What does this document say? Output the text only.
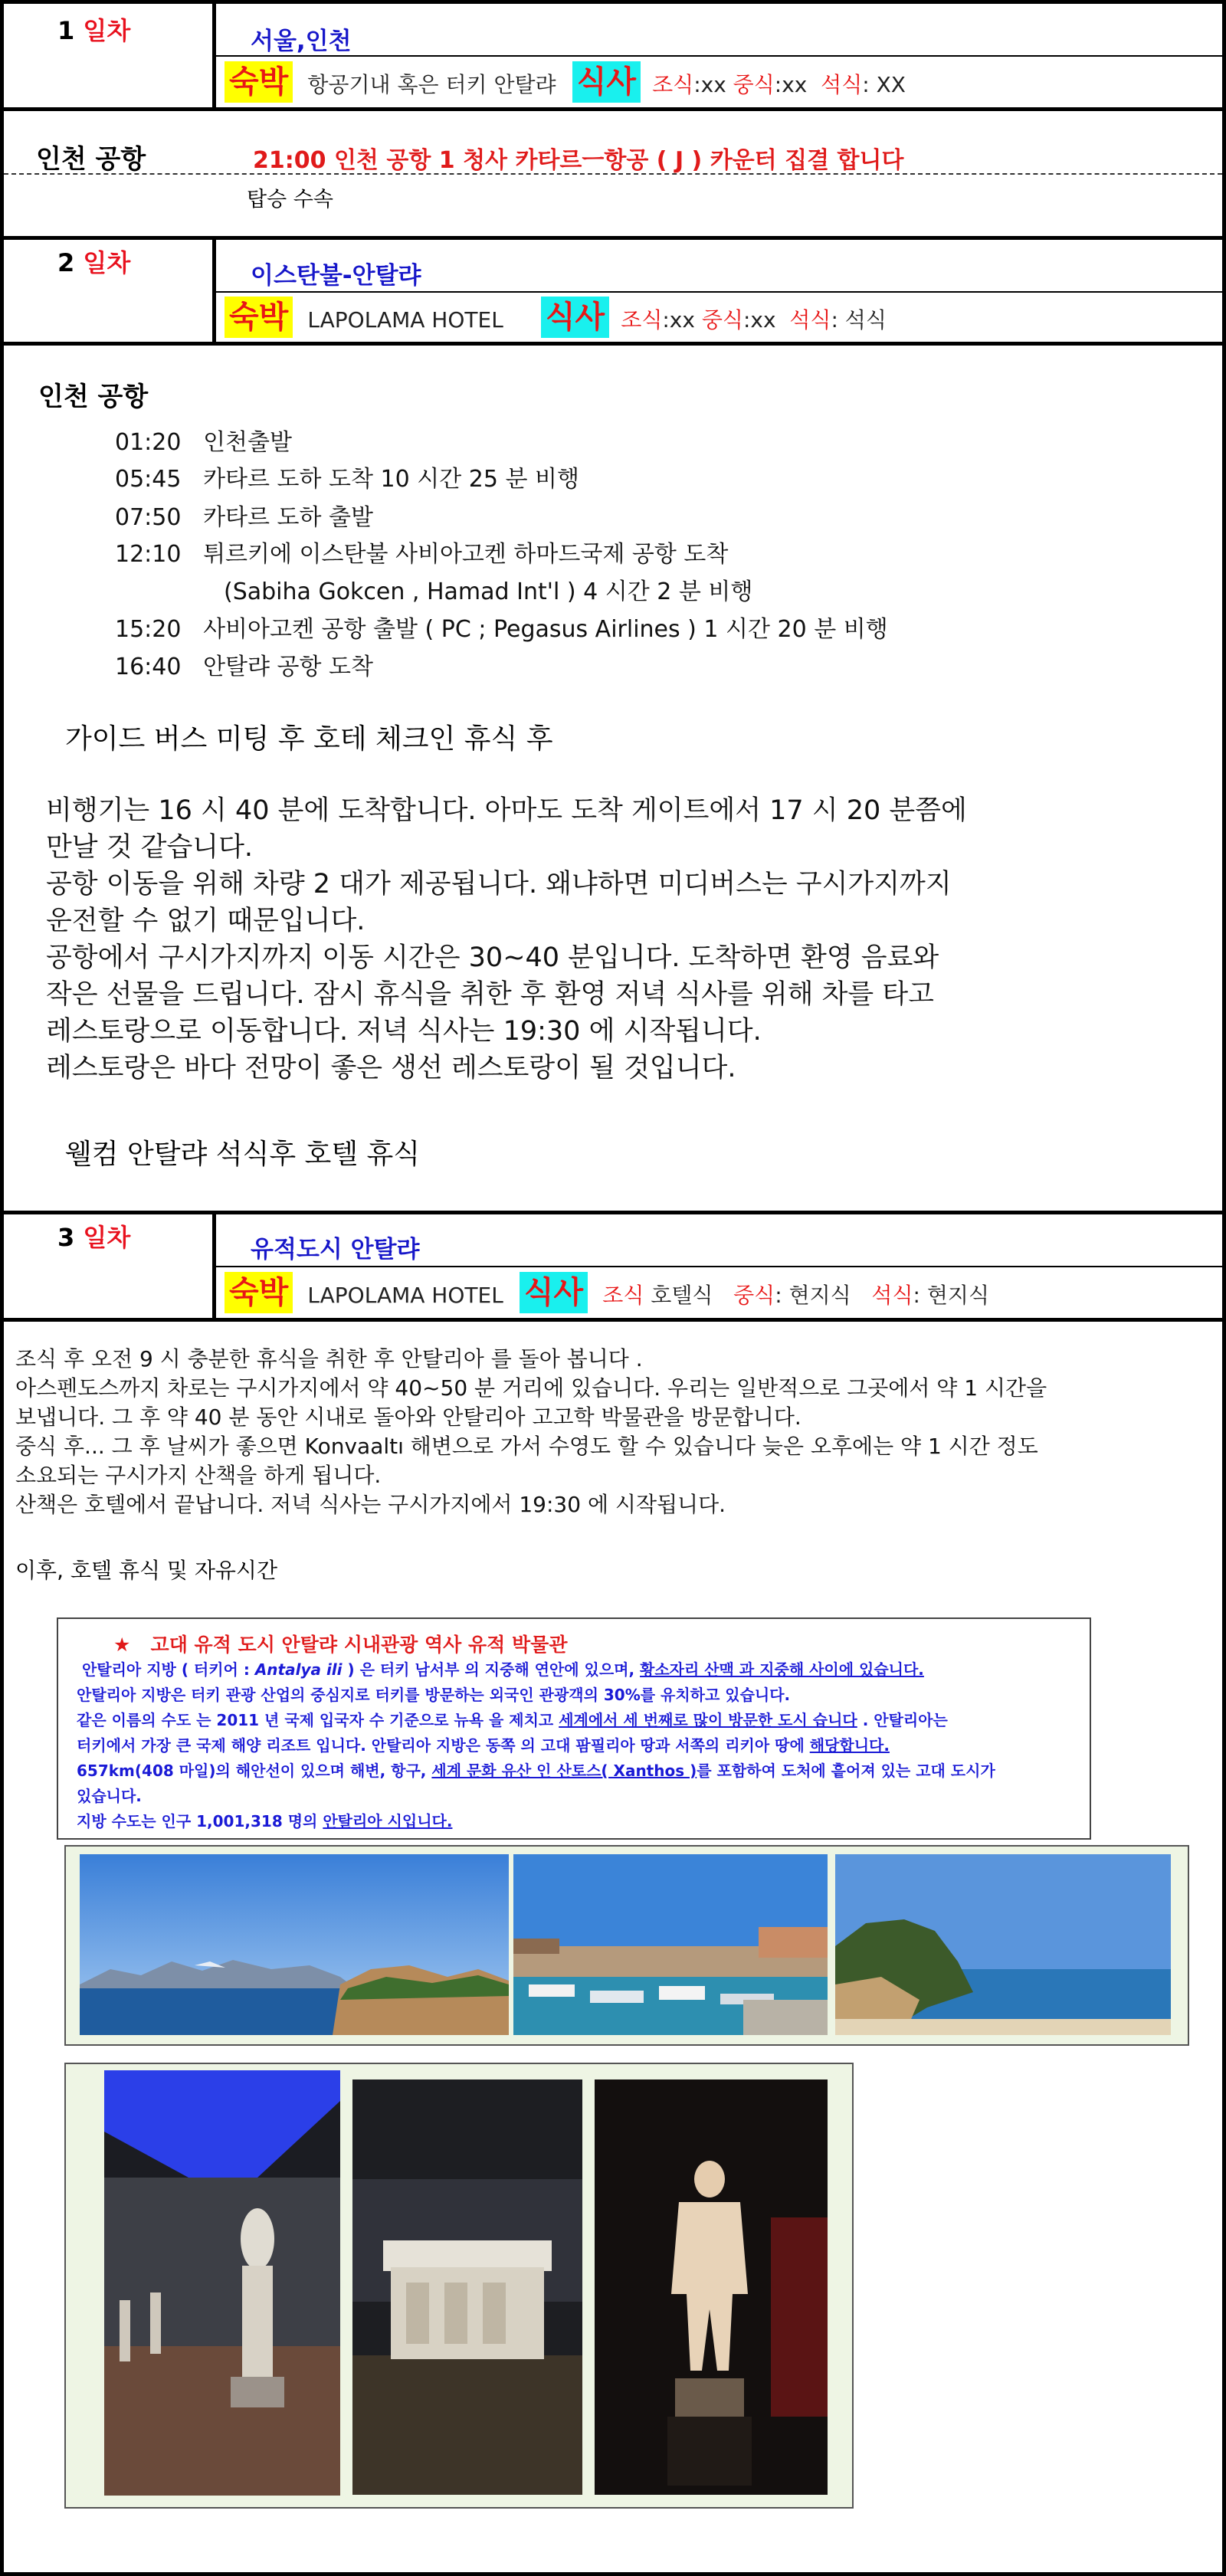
1 일차	서울,인천
숙박 항공기내 혹은 터키 안탈랴 식사 조식:xx 중식:xx 석식: XX
인천 공항	21:00 인천 공항 1 청사 카타르ㅡ항공 ( J ) 카운터 집결 합니다
탑승 수속
2 일차	이스탄불-안탈랴
숙박 LAPOLAMA HOTEL 식사 조식:xx 중식:xx 석식: 석식
인천 공항
01:20 인천출발
05:45 카타르 도하 도착 10 시간 25 분 비행
07:50 카타르 도하 출발
12:10 튀르키에 이스탄불 사비아고켄 하마드국제 공항 도착
(Sabiha Gokcen , Hamad Int'l ) 4 시간 2 분 비행
15:20 사비아고켄 공항 출발 ( PC ; Pegasus Airlines ) 1 시간 20 분 비행
16:40 안탈랴 공항 도착
가이드 버스 미팅 후 호테 체크인 휴식 후
비행기는 16 시 40 분에 도착합니다. 아마도 도착 게이트에서 17 시 20 분쯤에
만날 것 같습니다.
공항 이동을 위해 차량 2 대가 제공됩니다. 왜냐하면 미디버스는 구시가지까지
운전할 수 없기 때문입니다.
공항에서 구시가지까지 이동 시간은 30~40 분입니다. 도착하면 환영 음료와
작은 선물을 드립니다. 잠시 휴식을 취한 후 환영 저녁 식사를 위해 차를 타고
레스토랑으로 이동합니다. 저녁 식사는 19:30 에 시작됩니다.
레스토랑은 바다 전망이 좋은 생선 레스토랑이 될 것입니다.
웰컴 안탈랴 석식후 호텔 휴식
3 일차	유적도시 안탈랴
숙박 LAPOLAMA HOTEL 식사 조식 호텔식 중식: 현지식 석식: 현지식
조식 후 오전 9 시 충분한 휴식을 취한 후 안탈리아 를 돌아 봅니다 .
아스펜도스까지 차로는 구시가지에서 약 40~50 분 거리에 있습니다. 우리는 일반적으로 그곳에서 약 1 시간을
보냅니다. 그 후 약 40 분 동안 시내로 돌아와 안탈리아 고고학 박물관을 방문합니다.
중식 후... 그 후 날씨가 좋으면 Konvaaltı 해변으로 가서 수영도 할 수 있습니다 늦은 오후에는 약 1 시간 정도
소요되는 구시가지 산책을 하게 됩니다.
산책은 호텔에서 끝납니다. 저녁 식사는 구시가지에서 19:30 에 시작됩니다.
이후, 호텔 휴식 및 자유시간
★ 고대 유적 도시 안탈랴 시내관광 역사 유적 박물관
안탈리아 지방 ( 터키어 : Antalya ili ) 은 터키 남서부 의 지중해 연안에 있으며, 황소자리 산맥 과 지중해 사이에 있습니다.
안탈리아 지방은 터키 관광 산업의 중심지로 터키를 방문하는 외국인 관광객의 30%를 유치하고 있습니다.
같은 이름의 수도 는 2011 년 국제 입국자 수 기준으로 뉴욕 을 제치고 세계에서 세 번째로 많이 방문한 도시 습니다 . 안탈리아는
터키에서 가장 큰 국제 해양 리조트 입니다. 안탈리아 지방은 동쪽 의 고대 팜필리아 땅과 서쪽의 리키아 땅에 해당합니다.
657km(408 마일)의 해안선이 있으며 해변, 항구, 세계 문화 유산 인 산토스( Xanthos )를 포함하여 도처에 흩어져 있는 고대 도시가
있습니다.
지방 수도는 인구 1,001,318 명의 안탈리아 시입니다.
